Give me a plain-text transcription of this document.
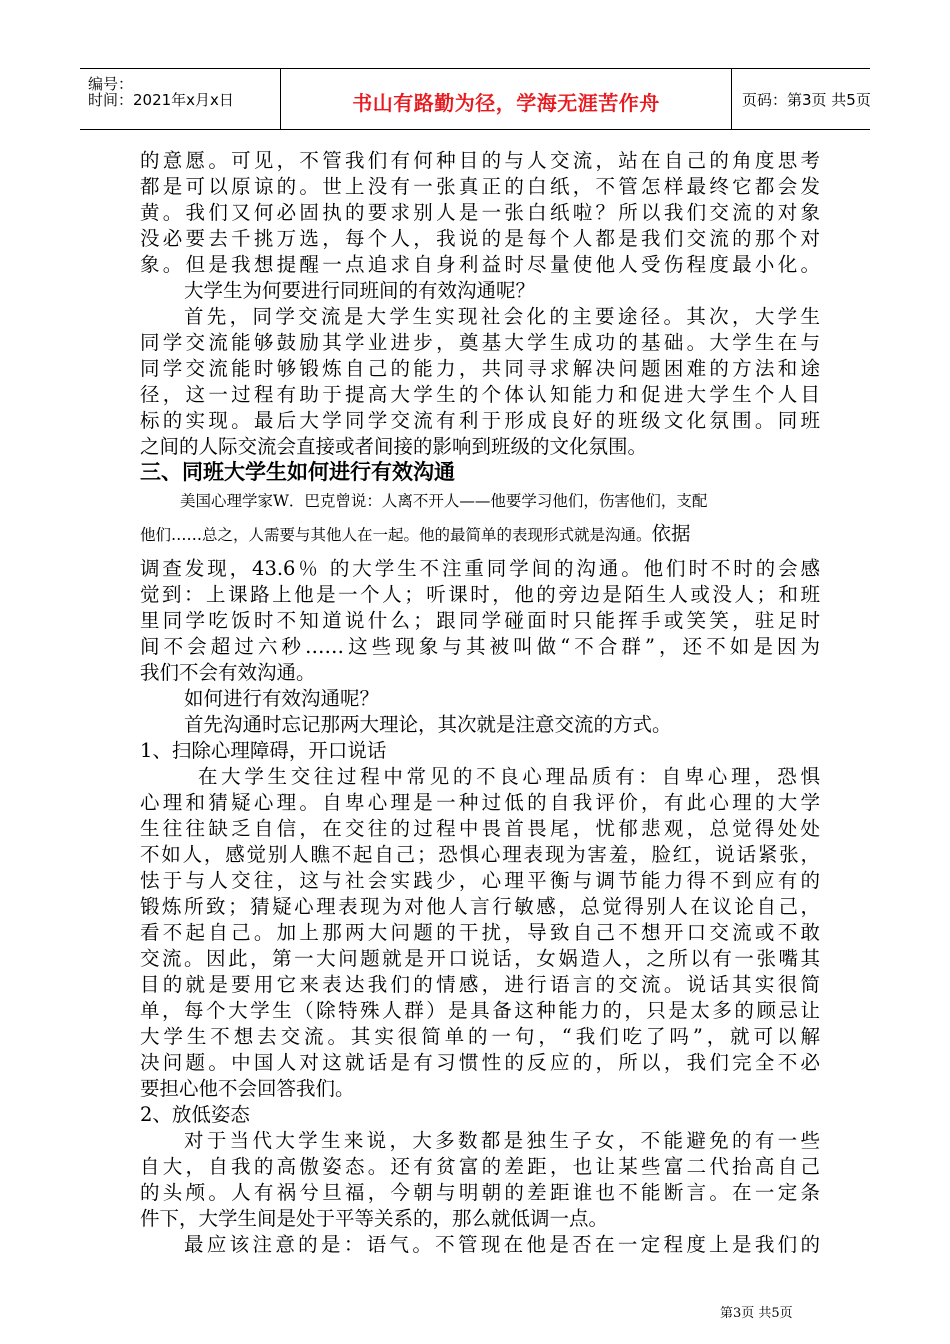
编号：
时间：2021年x月x日	书山有路勤为径，学海无涯苦作舟	页码：第3页 共5页
的意愿。可见，不管我们有何种目的与人交流，站在自己的角度思考
都是可以原谅的。世上没有一张真正的白纸，不管怎样最终它都会发
黄。我们又何必固执的要求别人是一张白纸啦？所以我们交流的对象
没必要去千挑万选，每个人，我说的是每个人都是我们交流的那个对
象。但是我想提醒一点追求自身利益时尽量使他人受伤程度最小化。
大学生为何要进行同班间的有效沟通呢？
首先，同学交流是大学生实现社会化的主要途径。其次，大学生
同学交流能够鼓励其学业进步，奠基大学生成功的基础。大学生在与
同学交流能时够锻炼自己的能力，共同寻求解决问题困难的方法和途
径，这一过程有助于提高大学生的个体认知能力和促进大学生个人目
标的实现。最后大学同学交流有利于形成良好的班级文化氛围。同班
之间的人际交流会直接或者间接的影响到班级的文化氛围。
三、同班大学生如何进行有效沟通
美国心理学家W．巴克曾说：人离不开人——他要学习他们，伤害他们，支配
他们……总之，人需要与其他人在一起。他的最简单的表现形式就是沟通。依据
调查发现，43.6％ 的大学生不注重同学间的沟通。他们时不时的会感
觉到：上课路上他是一个人；听课时，他的旁边是陌生人或没人；和班
里同学吃饭时不知道说什么；跟同学碰面时只能挥手或笑笑，驻足时
间不会超过六秒……这些现象与其被叫做“不合群”，还不如是因为
我们不会有效沟通。
如何进行有效沟通呢？
首先沟通时忘记那两大理论，其次就是注意交流的方式。
1、扫除心理障碍，开口说话
在大学生交往过程中常见的不良心理品质有：自卑心理，恐惧
心理和猜疑心理。自卑心理是一种过低的自我评价，有此心理的大学
生往往缺乏自信，在交往的过程中畏首畏尾，忧郁悲观，总觉得处处
不如人，感觉别人瞧不起自己；恐惧心理表现为害羞，脸红，说话紧张，
怯于与人交往，这与社会实践少，心理平衡与调节能力得不到应有的
锻炼所致；猜疑心理表现为对他人言行敏感，总觉得别人在议论自己，
看不起自己。加上那两大问题的干扰，导致自己不想开口交流或不敢
交流。因此，第一大问题就是开口说话，女娲造人，之所以有一张嘴其
目的就是要用它来表达我们的情感，进行语言的交流。说话其实很简
单，每个大学生（除特殊人群）是具备这种能力的，只是太多的顾忌让
大学生不想去交流。其实很简单的一句，“我们吃了吗”，就可以解
决问题。中国人对这就话是有习惯性的反应的，所以，我们完全不必
要担心他不会回答我们。
2、放低姿态
对于当代大学生来说，大多数都是独生子女，不能避免的有一些
自大，自我的高傲姿态。还有贫富的差距，也让某些富二代抬高自己
的头颅。人有祸兮旦福，今朝与明朝的差距谁也不能断言。在一定条
件下，大学生间是处于平等关系的，那么就低调一点。
最应该注意的是：语气。不管现在他是否在一定程度上是我们的
第3页 共5页
